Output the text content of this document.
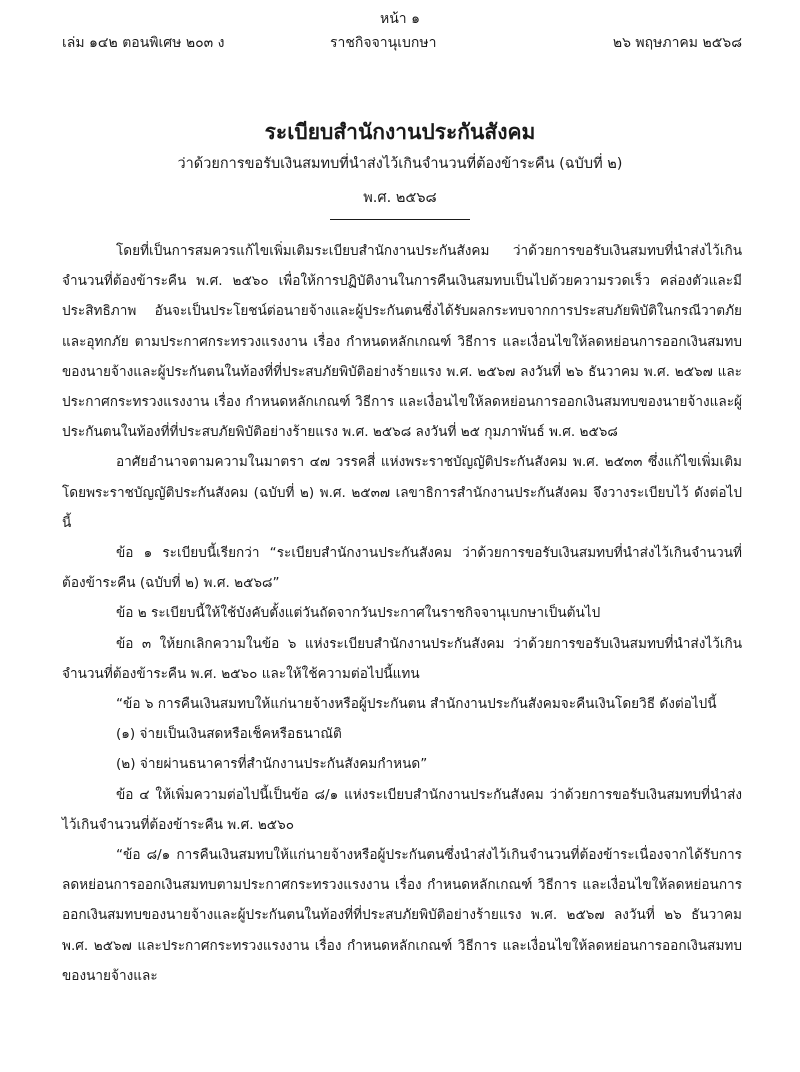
หน้า ๑
เล่ม ๑๔๒ ตอนพิเศษ ๒๐๓ ง	ราชกิจจานุเบกษา	๒๖ พฤษภาคม ๒๕๖๘
ระเบียบสำนักงานประกันสังคม
ว่าด้วยการขอรับเงินสมทบที่นำส่งไว้เกินจำนวนที่ต้องข้าระคืน (ฉบับที่ ๒)
พ.ศ. ๒๕๖๘

โดยที่เป็นการสมควรแก้ไขเพิ่มเติมระเบียบสำนักงานประกันสังคม ว่าด้วยการขอรับเงินสมทบที่นำส่งไว้เกินจำนวนที่ต้องข้าระคืน พ.ศ. ๒๕๖๐ เพื่อให้การปฏิบัติงานในการคืนเงินสมทบเป็นไปด้วยความรวดเร็ว คล่องตัวและมีประสิทธิภาพ อันจะเป็นประโยชน์ต่อนายจ้างและผู้ประกันตนซึ่งได้รับผลกระทบจากการประสบภัยพิบัติในกรณีวาตภัยและอุทกภัย ตามประกาศกระทรวงแรงงาน เรื่อง กำหนดหลักเกณฑ์ วิธีการ และเงื่อนไขให้ลดหย่อนการออกเงินสมทบของนายจ้างและผู้ประกันตนในท้องที่ที่ประสบภัยพิบัติอย่างร้ายแรง พ.ศ. ๒๕๖๗ ลงวันที่ ๒๖ ธันวาคม พ.ศ. ๒๕๖๗ และประกาศกระทรวงแรงงาน เรื่อง กำหนดหลักเกณฑ์ วิธีการ และเงื่อนไขให้ลดหย่อนการออกเงินสมทบของนายจ้างและผู้ประกันตนในท้องที่ที่ประสบภัยพิบัติอย่างร้ายแรง พ.ศ. ๒๕๖๘ ลงวันที่ ๒๕ กุมภาพันธ์ พ.ศ. ๒๕๖๘

อาศัยอำนาจตามความในมาตรา ๔๗ วรรคสี่ แห่งพระราชบัญญัติประกันสังคม พ.ศ. ๒๕๓๓ ซึ่งแก้ไขเพิ่มเติมโดยพระราชบัญญัติประกันสังคม (ฉบับที่ ๒) พ.ศ. ๒๕๓๗ เลขาธิการสำนักงานประกันสังคม จึงวางระเบียบไว้ ดังต่อไปนี้

ข้อ ๑ ระเบียบนี้เรียกว่า “ระเบียบสำนักงานประกันสังคม ว่าด้วยการขอรับเงินสมทบที่นำส่งไว้เกินจำนวนที่ต้องข้าระคืน (ฉบับที่ ๒) พ.ศ. ๒๕๖๘”

ข้อ ๒ ระเบียบนี้ให้ใช้บังคับตั้งแต่วันถัดจากวันประกาศในราชกิจจานุเบกษาเป็นต้นไป

ข้อ ๓ ให้ยกเลิกความในข้อ ๖ แห่งระเบียบสำนักงานประกันสังคม ว่าด้วยการขอรับเงินสมทบที่นำส่งไว้เกินจำนวนที่ต้องข้าระคืน พ.ศ. ๒๕๖๐ และให้ใช้ความต่อไปนี้แทน

“ข้อ ๖ การคืนเงินสมทบให้แก่นายจ้างหรือผู้ประกันตน สำนักงานประกันสังคมจะคืนเงินโดยวิธี ดังต่อไปนี้

(๑) จ่ายเป็นเงินสดหรือเช็คหรือธนาณัติ

(๒) จ่ายผ่านธนาคารที่สำนักงานประกันสังคมกำหนด”

ข้อ ๔ ให้เพิ่มความต่อไปนี้เป็นข้อ ๘/๑ แห่งระเบียบสำนักงานประกันสังคม ว่าด้วยการขอรับเงินสมทบที่นำส่งไว้เกินจำนวนที่ต้องข้าระคืน พ.ศ. ๒๕๖๐

“ข้อ ๘/๑ การคืนเงินสมทบให้แก่นายจ้างหรือผู้ประกันตนซึ่งนำส่งไว้เกินจำนวนที่ต้องข้าระเนื่องจากได้รับการลดหย่อนการออกเงินสมทบตามประกาศกระทรวงแรงงาน เรื่อง กำหนดหลักเกณฑ์ วิธีการ และเงื่อนไขให้ลดหย่อนการออกเงินสมทบของนายจ้างและผู้ประกันตนในท้องที่ที่ประสบภัยพิบัติอย่างร้ายแรง พ.ศ. ๒๕๖๗ ลงวันที่ ๒๖ ธันวาคม พ.ศ. ๒๕๖๗ และประกาศกระทรวงแรงงาน เรื่อง กำหนดหลักเกณฑ์ วิธีการ และเงื่อนไขให้ลดหย่อนการออกเงินสมทบของนายจ้างและ
